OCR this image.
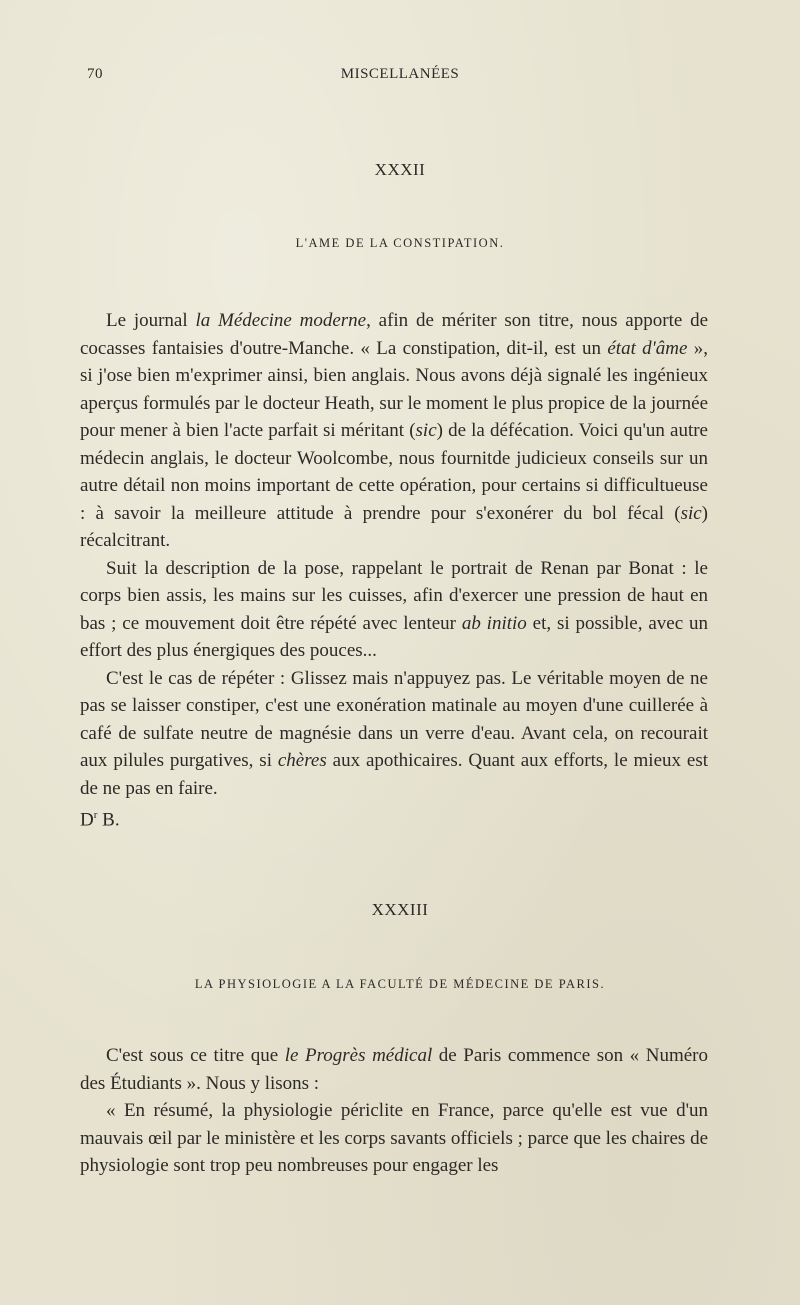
70	MISCELLANÉES
XXXII
L'AME DE LA CONSTIPATION.

Le journal la Médecine moderne, afin de mériter son titre, nous apporte de cocasses fantaisies d'outre-Manche. « La constipation, dit-il, est un état d'âme », si j'ose bien m'exprimer ainsi, bien anglais. Nous avons déjà signalé les ingénieux aperçus formulés par le docteur Heath, sur le moment le plus propice de la journée pour mener à bien l'acte parfait si méritant (sic) de la défécation. Voici qu'un autre médecin anglais, le docteur Woolcombe, nous fournitde judicieux conseils sur un autre détail non moins important de cette opération, pour certains si difficultueuse : à savoir la meilleure attitude à prendre pour s'exonérer du bol fécal (sic) récalcitrant.

Suit la description de la pose, rappelant le portrait de Renan par Bonat : le corps bien assis, les mains sur les cuisses, afin d'exercer une pression de haut en bas ; ce mouvement doit être répété avec lenteur ab initio et, si possible, avec un effort des plus énergiques des pouces...

C'est le cas de répéter : Glissez mais n'appuyez pas. Le véritable moyen de ne pas se laisser constiper, c'est une exonération matinale au moyen d'une cuillerée à café de sulfate neutre de magnésie dans un verre d'eau. Avant cela, on recourait aux pilules purgatives, si chères aux apothicaires. Quant aux efforts, le mieux est de ne pas en faire.

$D^r$ B.

XXXIII
LA PHYSIOLOGIE A LA FACULTÉ DE MÉDECINE DE PARIS.

C'est sous ce titre que le Progrès médical de Paris commence son « Numéro des Étudiants ». Nous y lisons :

« En résumé, la physiologie périclite en France, parce qu'elle est vue d'un mauvais œil par le ministère et les corps savants officiels ; parce que les chaires de physiologie sont trop peu nombreuses pour engager les
